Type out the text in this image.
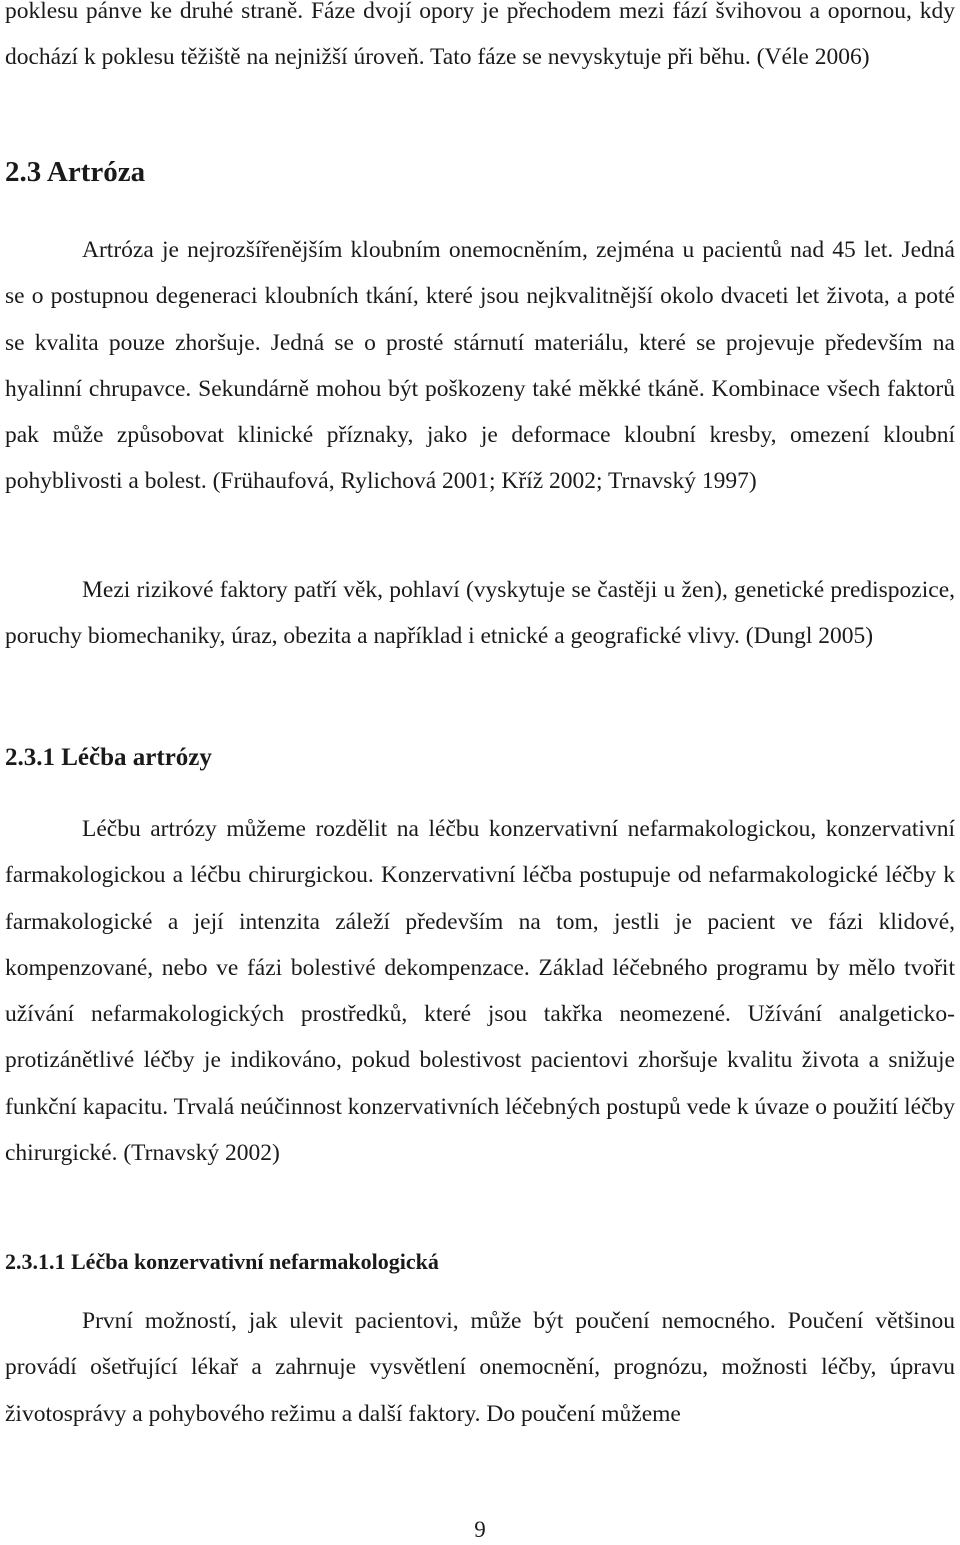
poklesu pánve ke druhé straně. Fáze dvojí opory je přechodem mezi fází švihovou a opornou, kdy dochází k poklesu těžiště na nejnižší úroveň. Tato fáze se nevyskytuje při běhu. (Véle 2006)

2.3 Artróza

Artróza je nejrozšířenějším kloubním onemocněním, zejména u pacientů nad 45 let. Jedná se o postupnou degeneraci kloubních tkání, které jsou nejkvalitnější okolo dvaceti let života, a poté se kvalita pouze zhoršuje. Jedná se o prosté stárnutí materiálu, které se projevuje především na hyalinní chrupavce. Sekundárně mohou být poškozeny také měkké tkáně. Kombinace všech faktorů pak může způsobovat klinické příznaky, jako je deformace kloubní kresby, omezení kloubní pohyblivosti a bolest. (Frühaufová, Rylichová 2001; Kříž 2002; Trnavský 1997)

Mezi rizikové faktory patří věk, pohlaví (vyskytuje se častěji u žen), genetické predispozice, poruchy biomechaniky, úraz, obezita a například i etnické a geografické vlivy. (Dungl 2005)

2.3.1 Léčba artrózy

Léčbu artrózy můžeme rozdělit na léčbu konzervativní nefarmakologickou, konzervativní farmakologickou a léčbu chirurgickou. Konzervativní léčba postupuje od nefarmakologické léčby k farmakologické a její intenzita záleží především na tom, jestli je pacient ve fázi klidové, kompenzované, nebo ve fázi bolestivé dekompenzace. Základ léčebného programu by mělo tvořit užívání nefarmakologických prostředků, které jsou takřka neomezené. Užívání analgeticko-protizánětlivé léčby je indikováno, pokud bolestivost pacientovi zhoršuje kvalitu života a snižuje funkční kapacitu. Trvalá neúčinnost konzervativních léčebných postupů vede k úvaze o použití léčby chirurgické. (Trnavský 2002)

2.3.1.1 Léčba konzervativní nefarmakologická

První možností, jak ulevit pacientovi, může být poučení nemocného. Poučení většinou provádí ošetřující lékař a zahrnuje vysvětlení onemocnění, prognózu, možnosti léčby, úpravu životosprávy a pohybového režimu a další faktory. Do poučení můžeme

9
